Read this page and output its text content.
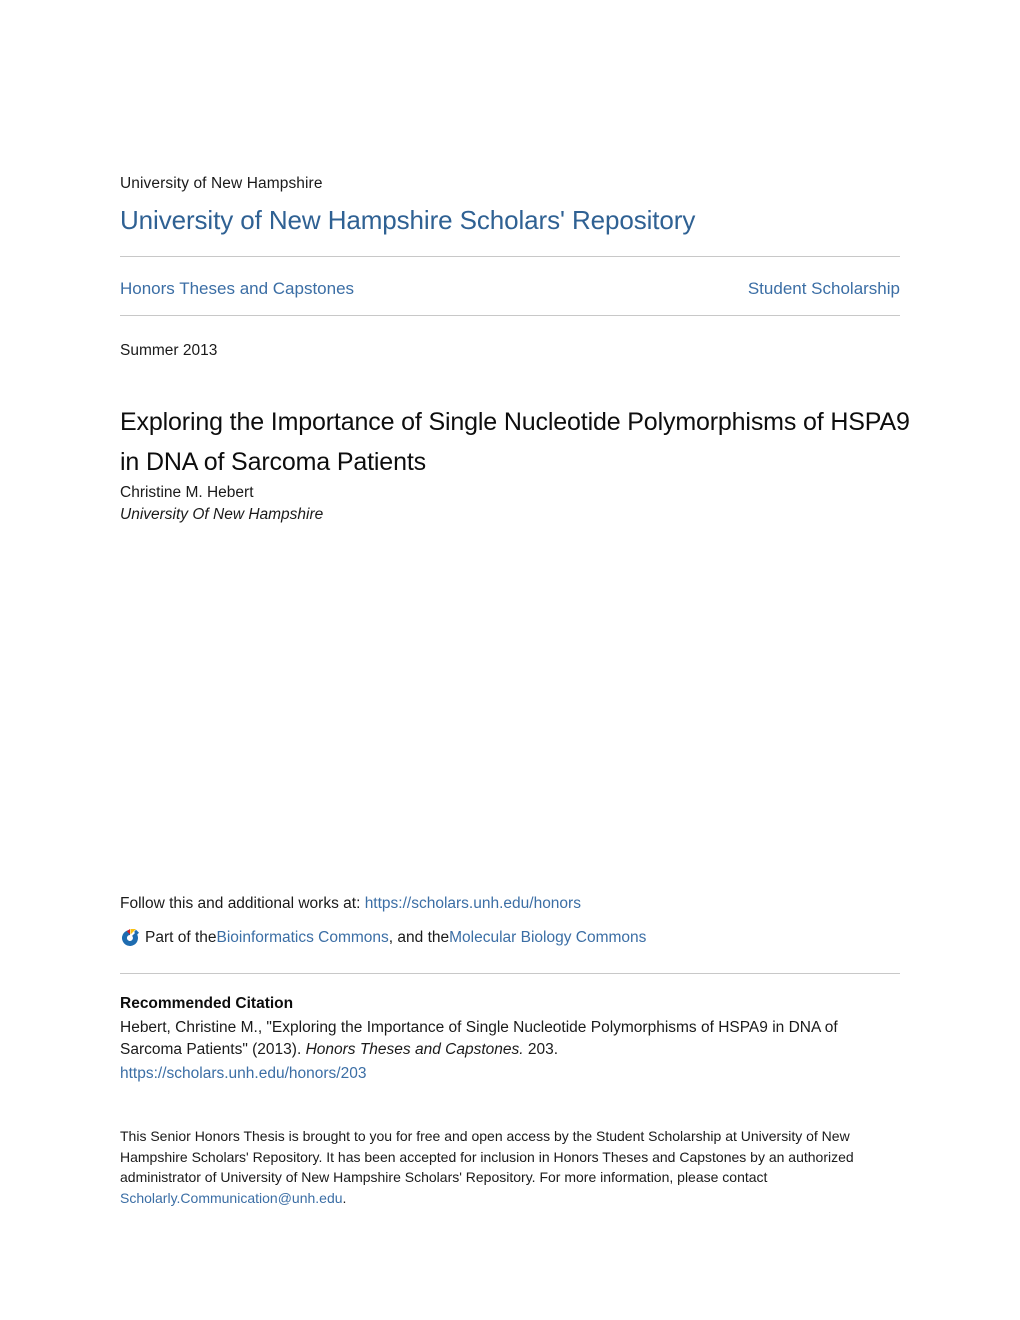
University of New Hampshire
University of New Hampshire Scholars' Repository
Honors Theses and Capstones	Student Scholarship
Summer 2013
Exploring the Importance of Single Nucleotide Polymorphisms of HSPA9 in DNA of Sarcoma Patients
Christine M. Hebert
University Of New Hampshire
Follow this and additional works at: https://scholars.unh.edu/honors
Part of the Bioinformatics Commons , and the Molecular Biology Commons
Recommended Citation
Hebert, Christine M., "Exploring the Importance of Single Nucleotide Polymorphisms of HSPA9 in DNA of Sarcoma Patients" (2013). Honors Theses and Capstones. 203.
https://scholars.unh.edu/honors/203
This Senior Honors Thesis is brought to you for free and open access by the Student Scholarship at University of New Hampshire Scholars' Repository. It has been accepted for inclusion in Honors Theses and Capstones by an authorized administrator of University of New Hampshire Scholars' Repository. For more information, please contact Scholarly.Communication@unh.edu.
